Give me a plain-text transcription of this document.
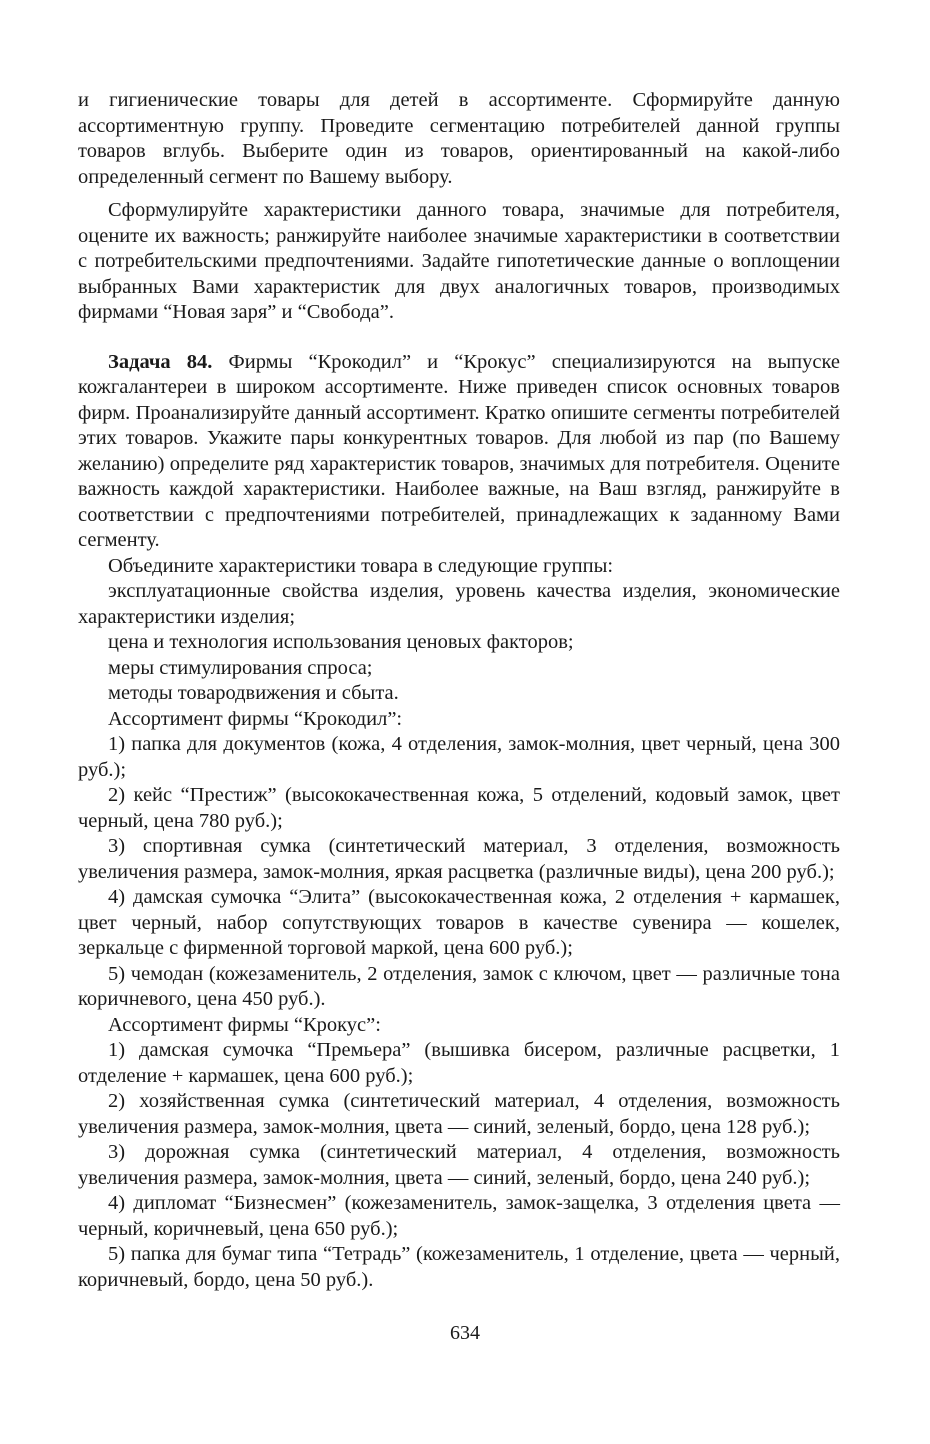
и гигиенические товары для детей в ассортименте. Сформируйте данную ассортиментную группу. Проведите сегментацию потребителей данной группы товаров вглубь. Выберите один из товаров, ориентированный на какой-либо определенный сегмент по Вашему выбору.

Сформулируйте характеристики данного товара, значимые для потребителя, оцените их важность; ранжируйте наиболее значимые характеристики в соответствии с потребительскими предпочтениями. Задайте гипотетические данные о воплощении выбранных Вами характеристик для двух аналогичных товаров, производимых фирмами “Новая заря” и “Свобода”.

Задача 84. Фирмы “Крокодил” и “Крокус” специализируются на выпуске кожгалантереи в широком ассортименте. Ниже приведен список основных товаров фирм. Проанализируйте данный ассортимент. Кратко опишите сегменты потребителей этих товаров. Укажите пары конкурентных товаров. Для любой из пар (по Вашему желанию) определите ряд характеристик товаров, значимых для потребителя. Оцените важность каждой характеристики. Наиболее важные, на Ваш взгляд, ранжируйте в соответствии с предпочтениями потребителей, принадлежащих к заданному Вами сегменту.

Объедините характеристики товара в следующие группы:

эксплуатационные свойства изделия, уровень качества изделия, экономические характеристики изделия;

цена и технология использования ценовых факторов;

меры стимулирования спроса;

методы товародвижения и сбыта.

Ассортимент фирмы “Крокодил”:

1) папка для документов (кожа, 4 отделения, замок-молния, цвет черный, цена 300 руб.);

2) кейс “Престиж” (высококачественная кожа, 5 отделений, кодовый замок, цвет черный, цена 780 руб.);

3) спортивная сумка (синтетический материал, 3 отделения, возможность увеличения размера, замок-молния, яркая расцветка (различные виды), цена 200 руб.);

4) дамская сумочка “Элита” (высококачественная кожа, 2 отделения + кармашек, цвет черный, набор сопутствующих товаров в качестве сувенира — кошелек, зеркальце с фирменной торговой маркой, цена 600 руб.);

5) чемодан (кожезаменитель, 2 отделения, замок с ключом, цвет — различные тона коричневого, цена 450 руб.).

Ассортимент фирмы “Крокус”:

1) дамская сумочка “Премьера” (вышивка бисером, различные расцветки, 1 отделение + кармашек, цена 600 руб.);

2) хозяйственная сумка (синтетический материал, 4 отделения, возможность увеличения размера, замок-молния, цвета — синий, зеленый, бордо, цена 128 руб.);

3) дорожная сумка (синтетический материал, 4 отделения, возможность увеличения размера, замок-молния, цвета — синий, зеленый, бордо, цена 240 руб.);

4) дипломат “Бизнесмен” (кожезаменитель, замок-защелка, 3 отделения цвета — черный, коричневый, цена 650 руб.);

5) папка для бумаг типа “Тетрадь” (кожезаменитель, 1 отделение, цвета — черный, коричневый, бордо, цена 50 руб.).

634
